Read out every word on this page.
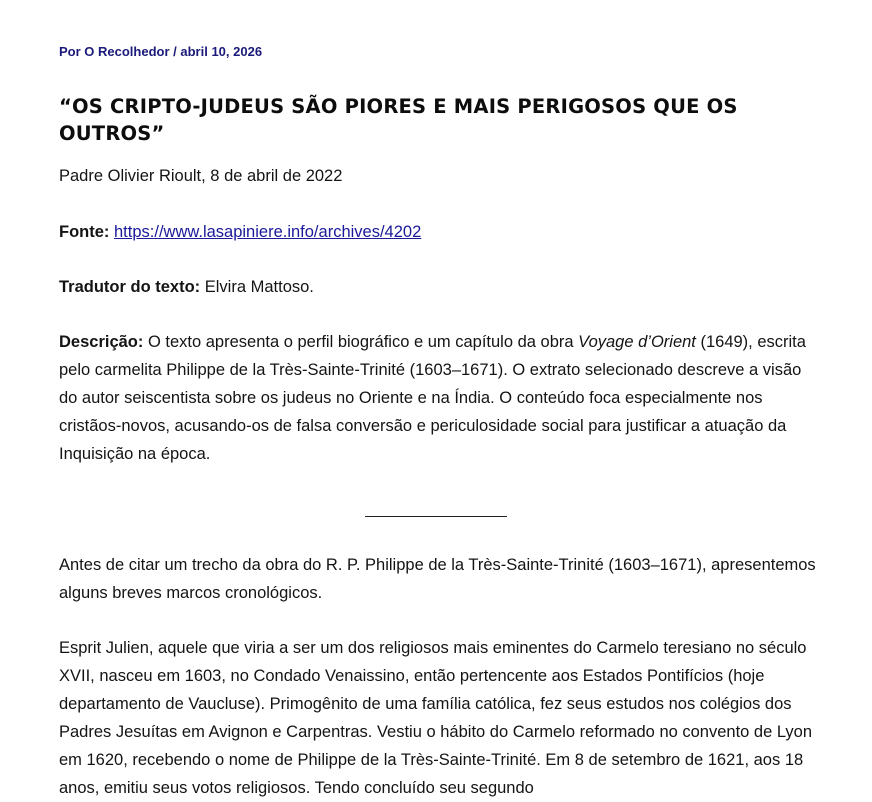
Por O Recolhedor / abril 10, 2026
“OS CRIPTO-JUDEUS SÃO PIORES E MAIS PERIGOSOS QUE OS OUTROS”

Padre Olivier Rioult, 8 de abril de 2022

Fonte: https://www.lasapiniere.info/archives/4202

Tradutor do texto: Elvira Mattoso.

Descrição: O texto apresenta o perfil biográfico e um capítulo da obra Voyage d’Orient (1649), escrita pelo carmelita Philippe de la Très-Sainte-Trinité (1603–1671). O extrato selecionado descreve a visão do autor seiscentista sobre os judeus no Oriente e na Índia. O conteúdo foca especialmente nos cristãos-novos, acusando-os de falsa conversão e periculosidade social para justificar a atuação da Inquisição na época.

Antes de citar um trecho da obra do R. P. Philippe de la Très-Sainte-Trinité (1603–1671), apresentemos alguns breves marcos cronológicos.

Esprit Julien, aquele que viria a ser um dos religiosos mais eminentes do Carmelo teresiano no século XVII, nasceu em 1603, no Condado Venaissino, então pertencente aos Estados Pontifícios (hoje departamento de Vaucluse). Primogênito de uma família católica, fez seus estudos nos colégios dos Padres Jesuítas em Avignon e Carpentras. Vestiu o hábito do Carmelo reformado no convento de Lyon em 1620, recebendo o nome de Philippe de la Très-Sainte-Trinité. Em 8 de setembro de 1621, aos 18 anos, emitiu seus votos religiosos. Tendo concluído seu segundo
